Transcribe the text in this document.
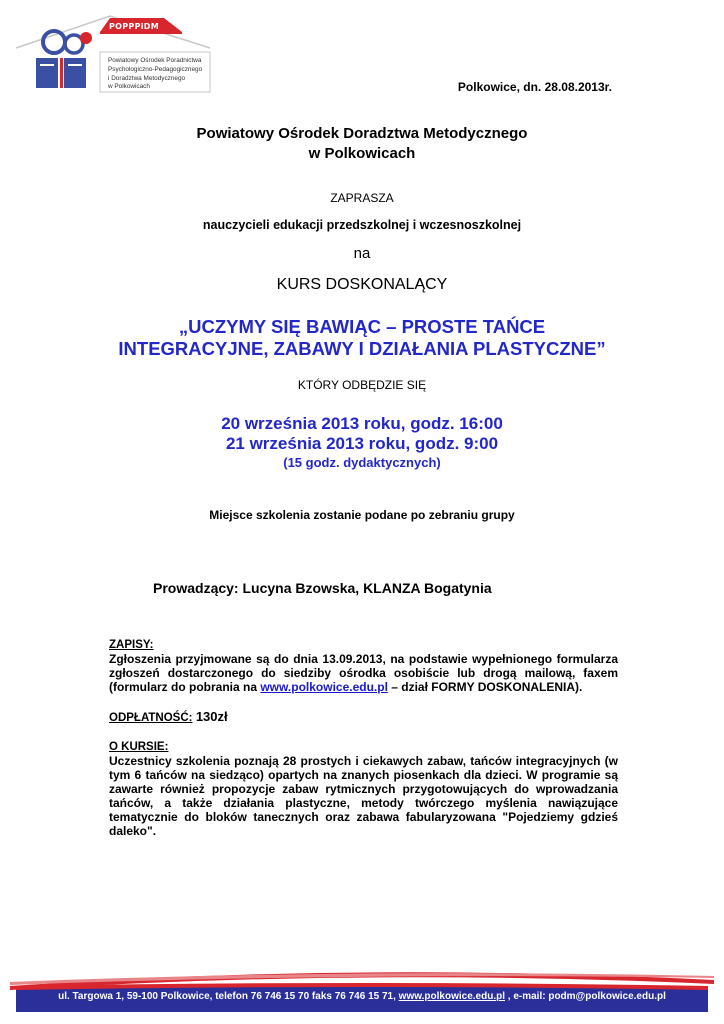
POPPPiDM
Powiatowy Ośrodek Poradnictwa
Psychologiczno-Pedagogicznego
i Doradztwa Metodycznego
w Polkowicach	Polkowice, dn. 28.08.2013r.
Powiatowy Ośrodek Doradztwa Metodycznego
w Polkowicach
ZAPRASZA
nauczycieli edukacji przedszkolnej i wczesnoszkolnej
na
KURS DOSKONALĄCY
„UCZYMY SIĘ BAWIĄC – PROSTE TAŃCE
INTEGRACYJNE, ZABAWY I DZIAŁANIA PLASTYCZNE”
KTÓRY ODBĘDZIE SIĘ
20 września 2013 roku, godz. 16:00
21 września 2013 roku, godz. 9:00
(15 godz. dydaktycznych)
Miejsce szkolenia zostanie podane po zebraniu grupy
Prowadzący: Lucyna Bzowska, KLANZA Bogatynia
ZAPISY:
Zgłoszenia przyjmowane są do dnia 13.09.2013, na podstawie wypełnionego formularza zgłoszeń dostarczonego do siedziby ośrodka osobiście lub drogą mailową, faxem (formularz do pobrania na www.polkowice.edu.pl – dział FORMY DOSKONALENIA).
ODPŁATNOŚĆ: 130zł
O KURSIE:
Uczestnicy szkolenia poznają 28 prostych i ciekawych zabaw, tańców integracyjnych (w tym 6 tańców na siedząco) opartych na znanych piosenkach dla dzieci. W programie są zawarte również propozycje zabaw rytmicznych przygotowujących do wprowadzania tańców, a także działania plastyczne, metody twórczego myślenia nawiązujące tematycznie do bloków tanecznych oraz zabawa fabularyzowana "Pojedziemy gdzieś daleko".
ul. Targowa 1, 59-100 Polkowice, telefon 76 746 15 70 faks 76 746 15 71, www.polkowice.edu.pl , e-mail: podm@polkowice.edu.pl
